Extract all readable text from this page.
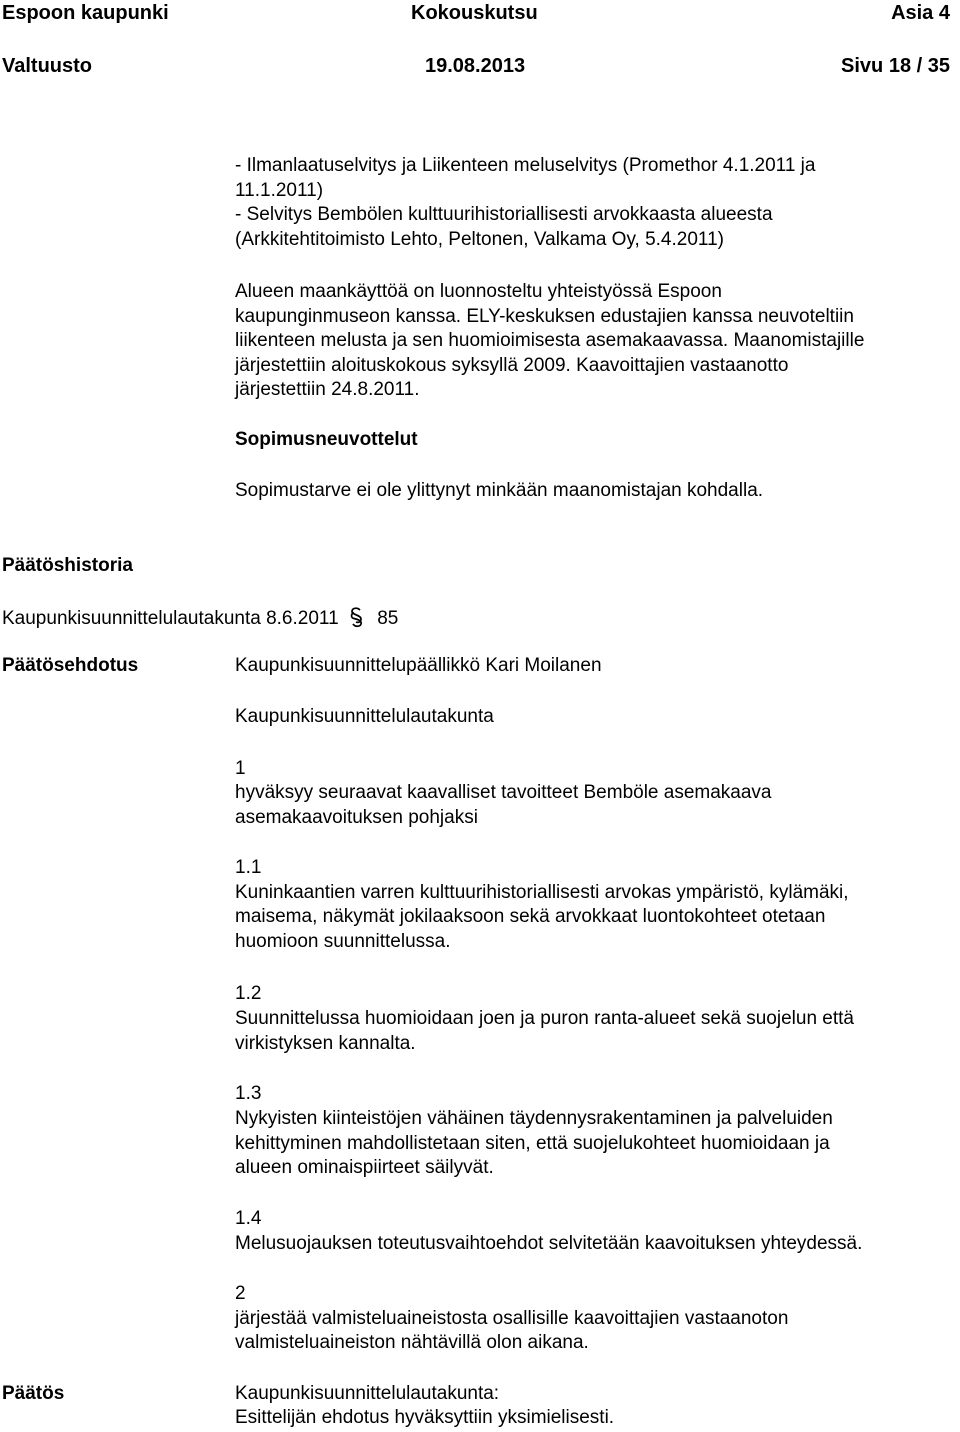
Espoon kaupunki	Kokouskutsu	Asia 4
Valtuusto	19.08.2013	Sivu 18 / 35
- Ilmanlaatuselvitys ja Liikenteen meluselvitys (Promethor 4.1.2011 ja
11.1.2011)
- Selvitys Bembölen kulttuurihistoriallisesti arvokkaasta alueesta
(Arkkitehtitoimisto Lehto, Peltonen, Valkama Oy, 5.4.2011)
Alueen maankäyttöä on luonnosteltu yhteistyössä Espoon
kaupunginmuseon kanssa. ELY-keskuksen edustajien kanssa neuvoteltiin
liikenteen melusta ja sen huomioimisesta asemakaavassa. Maanomistajille
järjestettiin aloituskokous syksyllä 2009. Kaavoittajien vastaanotto
järjestettiin 24.8.2011.
Sopimusneuvottelut
Sopimustarve ei ole ylittynyt minkään maanomistajan kohdalla.
Päätöshistoria
Kaupunkisuunnittelulautakunta 8.6.2011 85
Päätösehdotus	Kaupunkisuunnittelupäällikkö Kari Moilanen
Kaupunkisuunnittelulautakunta
1
hyväksyy seuraavat kaavalliset tavoitteet Bemböle asemakaava
asemakaavoituksen pohjaksi
1.1
Kuninkaantien varren kulttuurihistoriallisesti arvokas ympäristö, kylämäki,
maisema, näkymät jokilaaksoon sekä arvokkaat luontokohteet otetaan
huomioon suunnittelussa.
1.2
Suunnittelussa huomioidaan joen ja puron ranta-alueet sekä suojelun että
virkistyksen kannalta.
1.3
Nykyisten kiinteistöjen vähäinen täydennysrakentaminen ja palveluiden
kehittyminen mahdollistetaan siten, että suojelukohteet huomioidaan ja
alueen ominaispiirteet säilyvät.
1.4
Melusuojauksen toteutusvaihtoehdot selvitetään kaavoituksen yhteydessä.
2
järjestää valmisteluaineistosta osallisille kaavoittajien vastaanoton
valmisteluaineiston nähtävillä olon aikana.
Päätös	Kaupunkisuunnittelulautakunta:
Esittelijän ehdotus hyväksyttiin yksimielisesti.
